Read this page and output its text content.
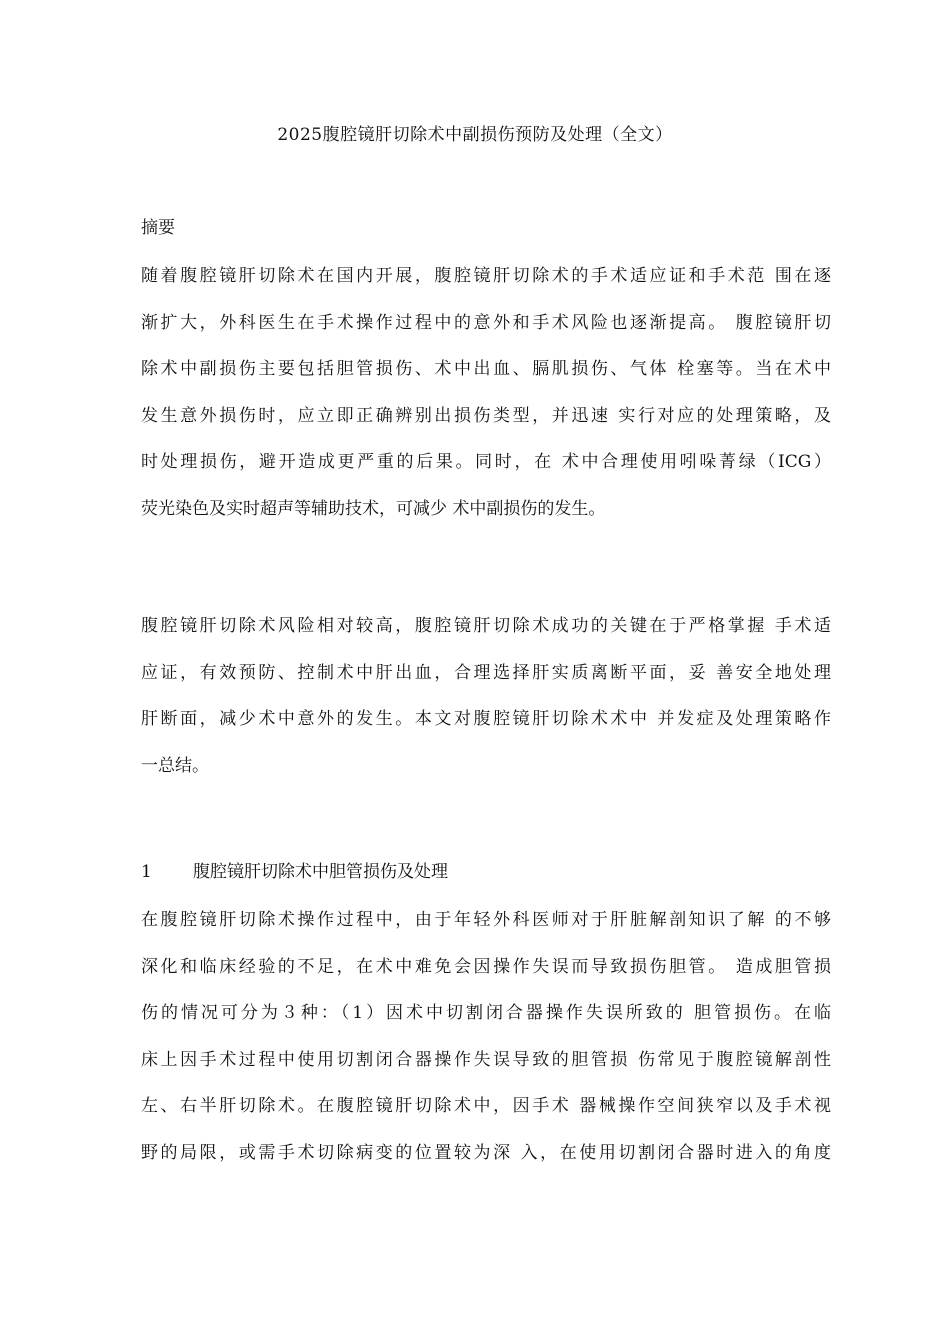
2025腹腔镜肝切除术中副损伤预防及处理（全文）
摘要
随着腹腔镜肝切除术在国内开展，腹腔镜肝切除术的手术适应证和手术范 围在逐
渐扩大，外科医生在手术操作过程中的意外和手术风险也逐渐提高。 腹腔镜肝切
除术中副损伤主要包括胆管损伤、术中出血、膈肌损伤、气体 栓塞等。当在术中
发生意外损伤时，应立即正确辨别出损伤类型，并迅速 实行对应的处理策略，及
时处理损伤，避开造成更严重的后果。同时，在 术中合理使用吲哚菁绿（ICG）
荧光染色及实时超声等辅助技术，可减少 术中副损伤的发生。
腹腔镜肝切除术风险相对较高，腹腔镜肝切除术成功的关键在于严格掌握 手术适
应证，有效预防、控制术中肝出血，合理选择肝实质离断平面，妥 善安全地处理
肝断面，减少术中意外的发生。本文对腹腔镜肝切除术术中 并发症及处理策略作
一总结。
1 腹腔镜肝切除术中胆管损伤及处理
在腹腔镜肝切除术操作过程中，由于年轻外科医师对于肝脏解剖知识了解 的不够
深化和临床经验的不足，在术中难免会因操作失误而导致损伤胆管。 造成胆管损
伤的情况可分为３种：（1）因术中切割闭合器操作失误所致的 胆管损伤。在临
床上因手术过程中使用切割闭合器操作失误导致的胆管损 伤常见于腹腔镜解剖性
左、右半肝切除术。在腹腔镜肝切除术中，因手术 器械操作空间狭窄以及手术视
野的局限，或需手术切除病变的位置较为深 入，在使用切割闭合器时进入的角度
